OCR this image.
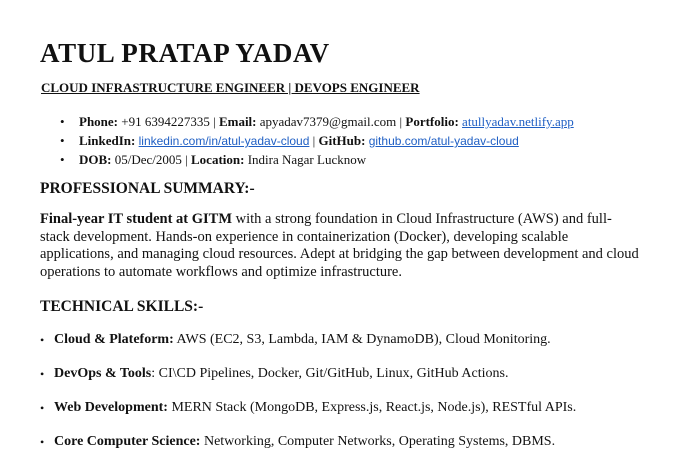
ATUL PRATAP YADAV
CLOUD INFRASTRUCTURE ENGINEER | DEVOPS ENGINEER
• Phone: +91 6394227335 | Email: apyadav7379@gmail.com | Portfolio: atullyadav.netlify.app
• LinkedIn: linkedin.com/in/atul-yadav-cloud | GitHub: github.com/atul-yadav-cloud
• DOB: 05/Dec/2005 | Location: Indira Nagar Lucknow
PROFESSIONAL SUMMARY:-

Final-year IT student at GITM with a strong foundation in Cloud Infrastructure (AWS) and full-stack development. Hands-on experience in containerization (Docker), developing scalable applications, and managing cloud resources. Adept at bridging the gap between development and cloud operations to automate workflows and optimize infrastructure.

TECHNICAL SKILLS:-
• Cloud & Plateform: AWS (EC2, S3, Lambda, IAM & DynamoDB), Cloud Monitoring.
• DevOps & Tools: CI\CD Pipelines, Docker, Git/GitHub, Linux, GitHub Actions.
• Web Development: MERN Stack (MongoDB, Express.js, React.js, Node.js), RESTful APIs.
• Core Computer Science: Networking, Computer Networks, Operating Systems, DBMS.
